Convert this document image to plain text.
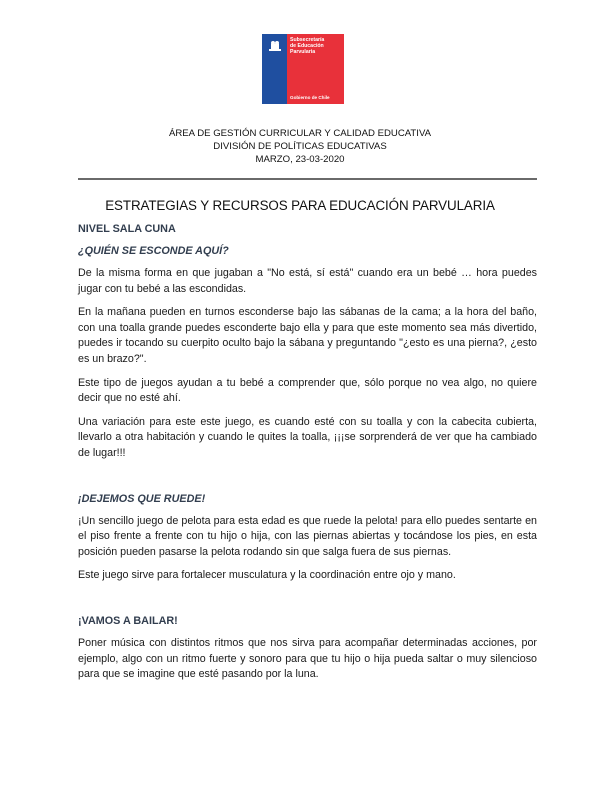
Subsecretaría
de Educación
Parvularia
Gobierno de Chile
ÁREA DE GESTIÓN CURRICULAR Y CALIDAD EDUCATIVA
DIVISIÓN DE POLÍTICAS EDUCATIVAS
MARZO, 23-03-2020
ESTRATEGIAS Y RECURSOS PARA EDUCACIÓN PARVULARIA
NIVEL SALA CUNA
¿QUIÉN SE ESCONDE AQUÍ?

De la misma forma en que jugaban a "No está, sí está" cuando era un bebé … hora puedes jugar con tu bebé a las escondidas.

En la mañana pueden en turnos esconderse bajo las sábanas de la cama; a la hora del baño, con una toalla grande puedes esconderte bajo ella y para que este momento sea más divertido, puedes ir tocando su cuerpito oculto bajo la sábana y preguntando "¿esto es una pierna?, ¿esto es un brazo?".

Este tipo de juegos ayudan a tu bebé a comprender que, sólo porque no vea algo, no quiere decir que no esté ahí.

Una variación para este este juego, es cuando esté con su toalla y con la cabecita cubierta, llevarlo a otra habitación y cuando le quites la toalla, ¡¡¡se sorprenderá de ver que ha cambiado de lugar!!!

¡DEJEMOS QUE RUEDE!

¡Un sencillo juego de pelota para esta edad es que ruede la pelota! para ello puedes sentarte en el piso frente a frente con tu hijo o hija, con las piernas abiertas y tocándose los pies, en esta posición pueden pasarse la pelota rodando sin que salga fuera de sus piernas.

Este juego sirve para fortalecer musculatura y la coordinación entre ojo y mano.

¡VAMOS A BAILAR!

Poner música con distintos ritmos que nos sirva para acompañar determinadas acciones, por ejemplo, algo con un ritmo fuerte y sonoro para que tu hijo o hija pueda saltar o muy silencioso para que se imagine que esté pasando por la luna.
